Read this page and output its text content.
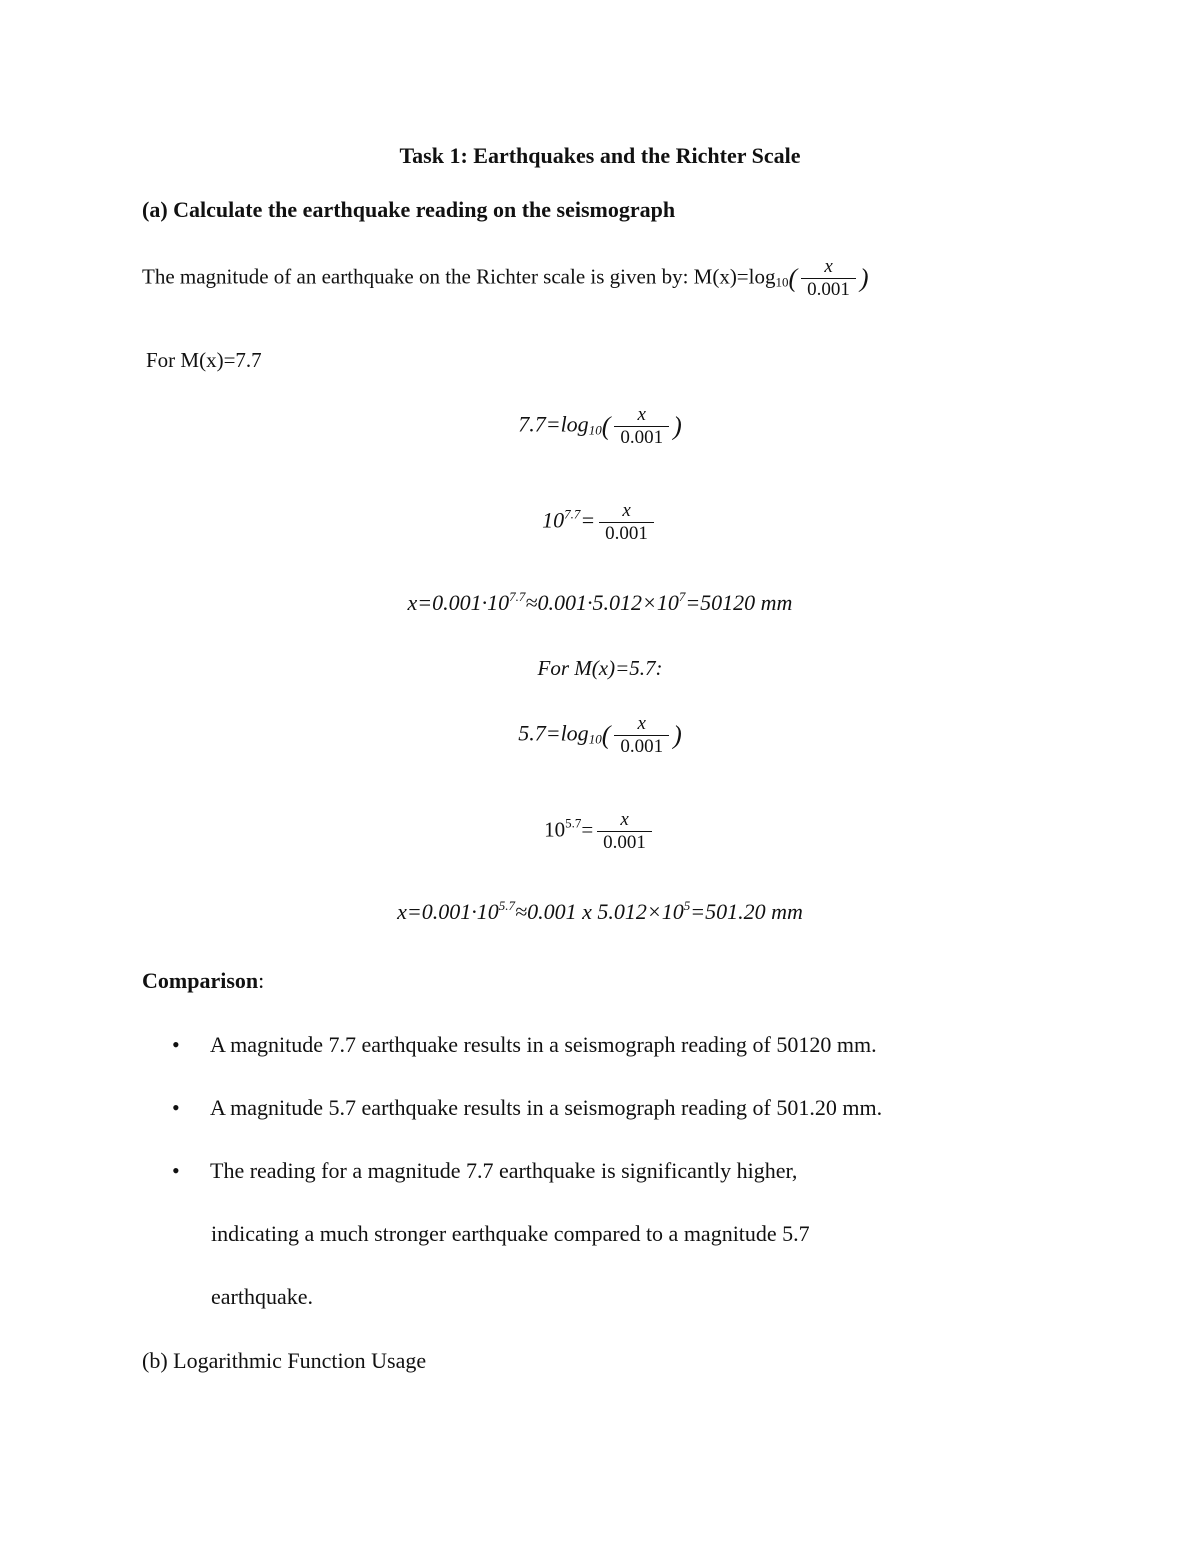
Task 1: Earthquakes and the Richter Scale
(a) Calculate the earthquake reading on the seismograph
The magnitude of an earthquake on the Richter scale is given by: $M(x)=\log_{10}( \frac{x}{0.001}$ )
For M(x)=7.7
$7.7=\log_{10}( \frac{x}{0.001}$ )
$10^{7.7}= \frac{x}{0.001}$
$x=0.001\cdot 10^{7.7}\approx 0.001\cdot 5.012\times 10^7=50120$ mm
For M(x)=5.7:
$5.7=\log_{10}( \frac{x}{0.001}$ )
$10^{5.7}= \frac{x}{0.001}$
$x=0.001\cdot 10^{5.7}\approx 0.001$ x $5.012\times 10^5=501.20$ mm
Comparison:
• A magnitude 7.7 earthquake results in a seismograph reading of 50120 mm.
• A magnitude 5.7 earthquake results in a seismograph reading of 501.20 mm.
• The reading for a magnitude 7.7 earthquake is significantly higher,
indicating a much stronger earthquake compared to a magnitude 5.7
earthquake.
(b) Logarithmic Function Usage
